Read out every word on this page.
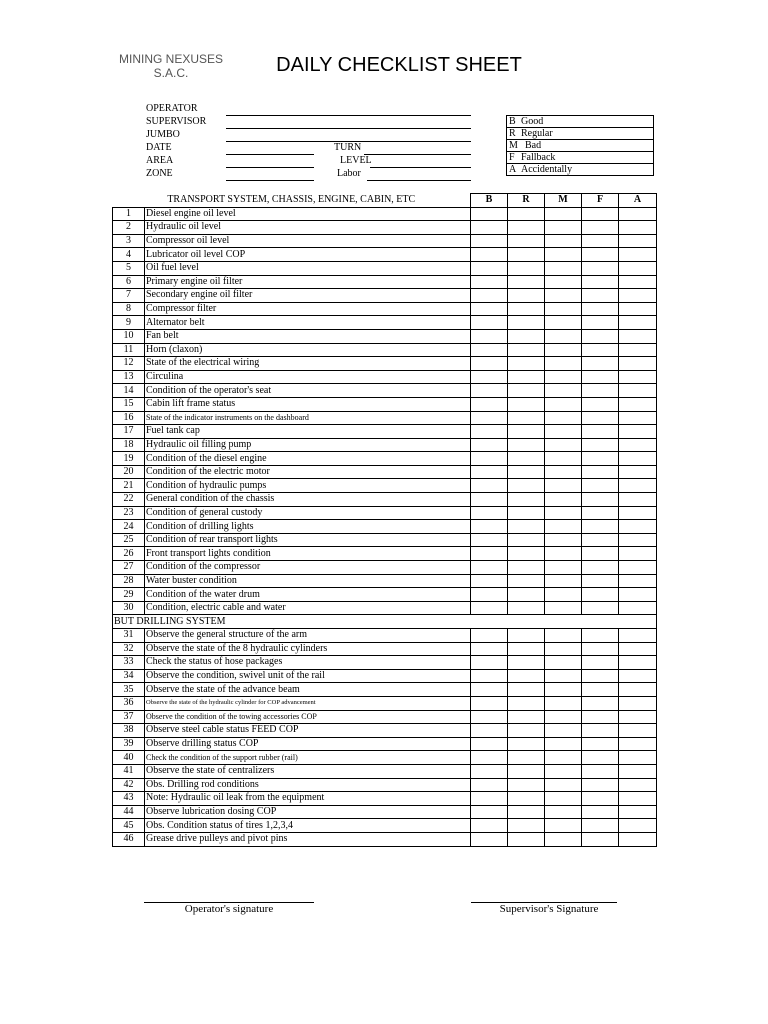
MINING NEXUSES
S.A.C.	DAILY CHECKLIST SHEET
OPERATOR
SUPERVISOR
JUMBO
DATE	TURN
AREA	LEVEL
ZONE	Labor
B Good
R Regular
M Bad
F Fallback
A Accidentally
TRANSPORT SYSTEM, CHASSIS, ENGINE, CABIN, ETC		B	R	M	F	A
1	Diesel engine oil level					
2	Hydraulic oil level					
3	Compressor oil level					
4	Lubricator oil level COP					
5	Oil fuel level					
6	Primary engine oil filter					
7	Secondary engine oil filter					
8	Compressor filter					
9	Alternator belt					
10	Fan belt					
11	Horn (claxon)					
12	State of the electrical wiring					
13	Circulina					
14	Condition of the operator's seat					
15	Cabin lift frame status					
16	State of the indicator instruments on the dashboard					
17	Fuel tank cap					
18	Hydraulic oil filling pump					
19	Condition of the diesel engine					
20	Condition of the electric motor					
21	Condition of hydraulic pumps					
22	General condition of the chassis					
23	Condition of general custody					
24	Condition of drilling lights					
25	Condition of rear transport lights					
26	Front transport lights condition					
27	Condition of the compressor					
28	Water buster condition					
29	Condition of the water drum					
30	Condition, electric cable and water					
BUT DRILLING SYSTEM						
31	Observe the general structure of the arm					
32	Observe the state of the 8 hydraulic cylinders					
33	Check the status of hose packages					
34	Observe the condition, swivel unit of the rail					
35	Observe the state of the advance beam					
36	Observe the state of the hydraulic cylinder for COP advancement					
37	Observe the condition of the towing accessories COP					
38	Observe steel cable status FEED COP					
39	Observe drilling status COP					
40	Check the condition of the support rubber (rail)					
41	Observe the state of centralizers					
42	Obs. Drilling rod conditions					
43	Note: Hydraulic oil leak from the equipment					
44	Observe lubrication dosing COP					
45	Obs. Condition status of tires 1,2,3,4					
46	Grease drive pulleys and pivot pins					
Operator's signature	Supervisor's Signature
